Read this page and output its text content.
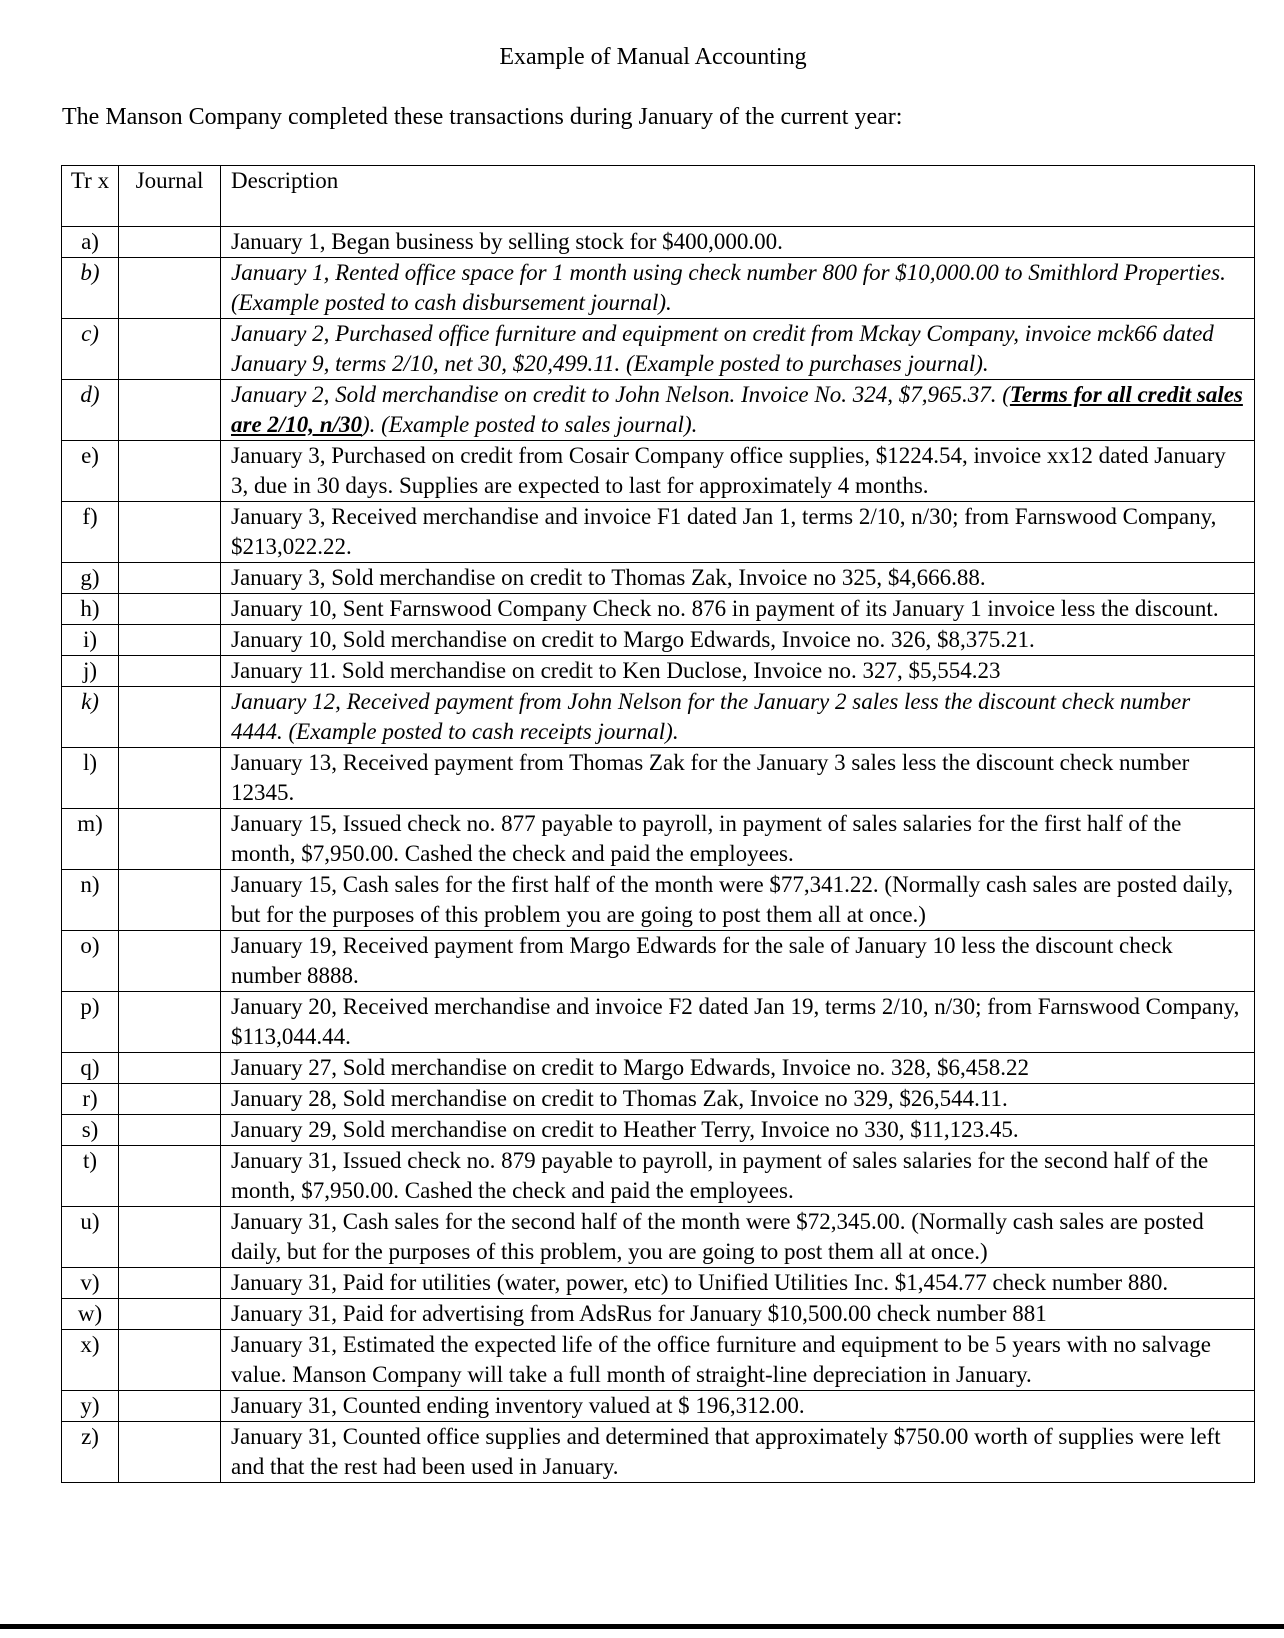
Example of Manual Accounting
The Manson Company completed these transactions during January of the current year:
Tr x	Journal	Description
a)		January 1, Began business by selling stock for $400,000.00.
b)		January 1, Rented office space for 1 month using check number 800 for $10,000.00 to Smithlord Properties.(Example posted to cash disbursement journal).
c)		January 2, Purchased office furniture and equipment on credit from Mckay Company, invoice mck66 dated January 9, terms 2/10, net 30, $20,499.11. (Example posted to purchases journal).
d)		January 2, Sold merchandise on credit to John Nelson. Invoice No. 324, $7,965.37. (Terms for all credit sales are 2/10, n/30). (Example posted to sales journal).
e)		January 3, Purchased on credit from Cosair Company office supplies, $1224.54, invoice xx12 dated January 3, due in 30 days. Supplies are expected to last for approximately 4 months.
f)		January 3, Received merchandise and invoice F1 dated Jan 1, terms 2/10, n/30; from Farnswood Company, $213,022.22.
g)		January 3, Sold merchandise on credit to Thomas Zak, Invoice no 325, $4,666.88.
h)		January 10, Sent Farnswood Company Check no. 876 in payment of its January 1 invoice less the discount.
i)		January 10, Sold merchandise on credit to Margo Edwards, Invoice no. 326, $8,375.21.
j)		January 11. Sold merchandise on credit to Ken Duclose, Invoice no. 327, $5,554.23
k)		January 12, Received payment from John Nelson for the January 2 sales less the discount check number 4444. (Example posted to cash receipts journal).
l)		January 13, Received payment from Thomas Zak for the January 3 sales less the discount check number 12345.
m)		January 15, Issued check no. 877 payable to payroll, in payment of sales salaries for the first half of the month, $7,950.00. Cashed the check and paid the employees.
n)		January 15, Cash sales for the first half of the month were $77,341.22. (Normally cash sales are posted daily, but for the purposes of this problem you are going to post them all at once.)
o)		January 19, Received payment from Margo Edwards for the sale of January 10 less the discount check number 8888.
p)		January 20, Received merchandise and invoice F2 dated Jan 19, terms 2/10, n/30; from Farnswood Company, $113,044.44.
q)		January 27, Sold merchandise on credit to Margo Edwards, Invoice no. 328, $6,458.22
r)		January 28, Sold merchandise on credit to Thomas Zak, Invoice no 329, $26,544.11.
s)		January 29, Sold merchandise on credit to Heather Terry, Invoice no 330, $11,123.45.
t)		January 31, Issued check no. 879 payable to payroll, in payment of sales salaries for the second half of the month, $7,950.00. Cashed the check and paid the employees.
u)		January 31, Cash sales for the second half of the month were $72,345.00. (Normally cash sales are posted daily, but for the purposes of this problem, you are going to post them all at once.)
v)		January 31, Paid for utilities (water, power, etc) to Unified Utilities Inc. $1,454.77 check number 880.
w)		January 31, Paid for advertising from AdsRus for January $10,500.00 check number 881
x)		January 31, Estimated the expected life of the office furniture and equipment to be 5 years with no salvage value. Manson Company will take a full month of straight-line depreciation in January.
y)		January 31, Counted ending inventory valued at $ 196,312.00.
z)		January 31, Counted office supplies and determined that approximately $750.00 worth of supplies were left and that the rest had been used in January.
